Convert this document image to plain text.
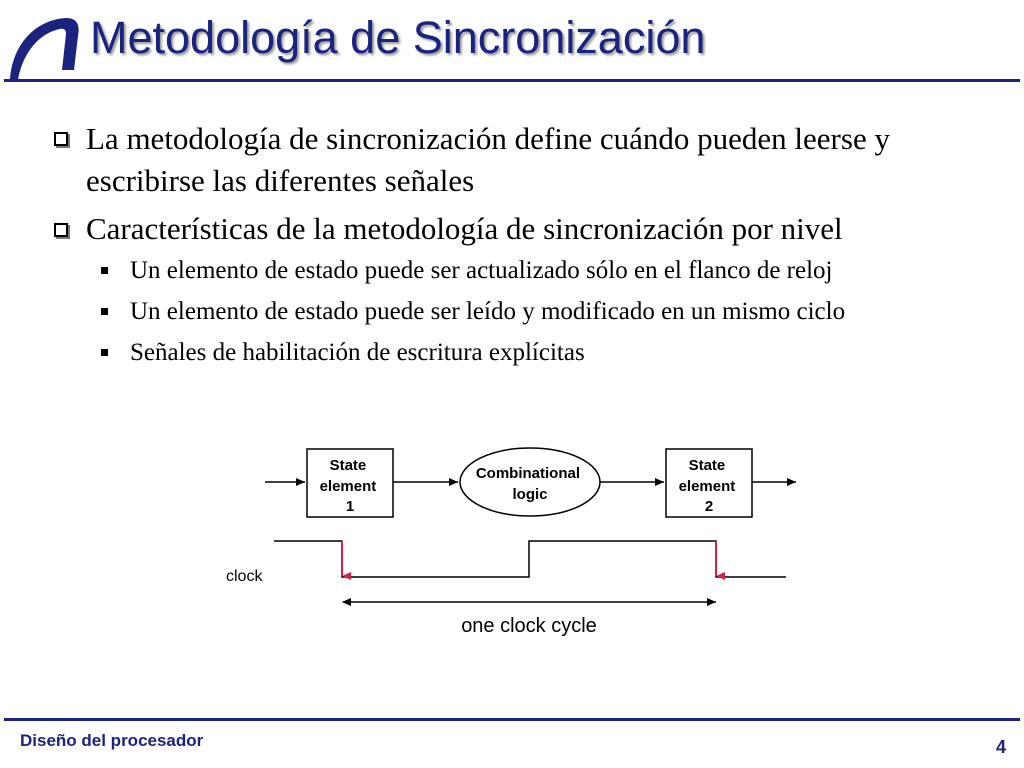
Metodología de Sincronización
La metodología de sincronización define cuándo pueden leerse y escribirse las diferentes señales
Características de la metodología de sincronización por nivel
Un elemento de estado puede ser actualizado sólo en el flanco de reloj
Un elemento de estado puede ser leído y modificado en un mismo ciclo
Señales de habilitación de escritura explícitas
State element 1
Combinational logic
State element 2
clock
one clock cycle
Diseño del procesador	4
